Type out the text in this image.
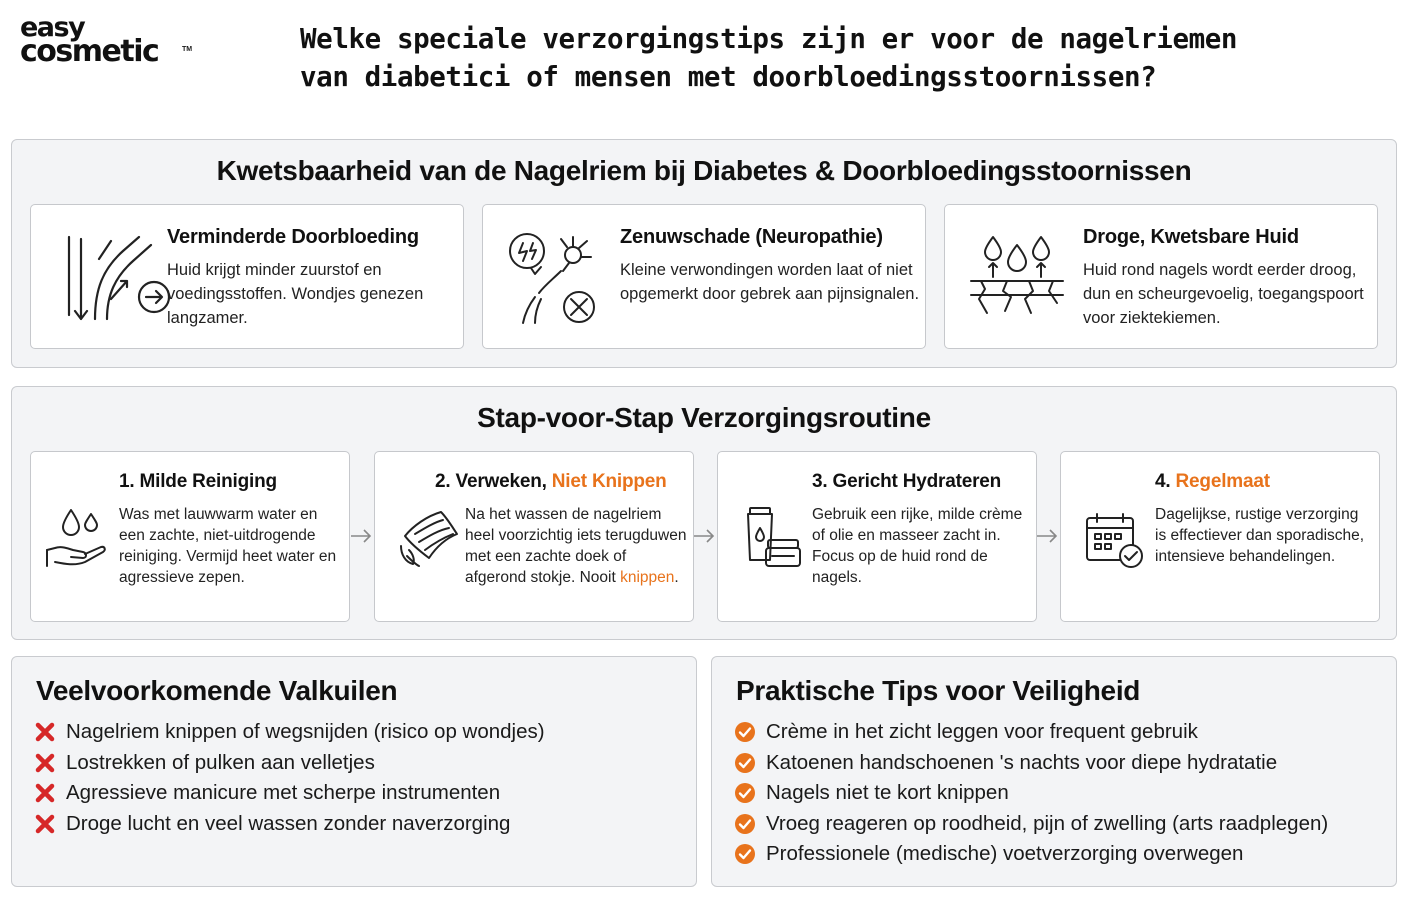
easy
cosmetic	TM	Welke speciale verzorgingstips zijn er voor de nagelriemen
van diabetici of mensen met doorbloedingsstoornissen?
Kwetsbaarheid van de Nagelriem bij Diabetes & Doorbloedingsstoornissen
Verminderde Doorbloeding
Huid krijgt minder zuurstof en voedingsstoffen. Wondjes genezen langzamer.
Zenuwschade (Neuropathie)
Kleine verwondingen worden laat of niet opgemerkt door gebrek aan pijnsignalen.
Droge, Kwetsbare Huid
Huid rond nagels wordt eerder droog, dun en scheurgevoelig, toegangspoort voor ziektekiemen.
Stap-voor-Stap Verzorgingsroutine
1. Milde Reiniging
Was met lauwwarm water en een zachte, niet-uitdrogende reiniging. Vermijd heet water en agressieve zepen.
2. Verweken, Niet Knippen
Na het wassen de nagelriem heel voorzichtig iets terugduwen met een zachte doek of afgerond stokje. Nooit knippen.
3. Gericht Hydrateren
Gebruik een rijke, milde crème of olie en masseer zacht in. Focus op de huid rond de nagels.
4. Regelmaat
Dagelijkse, rustige verzorging is effectiever dan sporadische, intensieve behandelingen.
Veelvoorkomende Valkuilen
Nagelriem knippen of wegsnijden (risico op wondjes)
Lostrekken of pulken aan velletjes
Agressieve manicure met scherpe instrumenten
Droge lucht en veel wassen zonder naverzorging
Praktische Tips voor Veiligheid
Crème in het zicht leggen voor frequent gebruik
Katoenen handschoenen 's nachts voor diepe hydratatie
Nagels niet te kort knippen
Vroeg reageren op roodheid, pijn of zwelling (arts raadplegen)
Professionele (medische) voetverzorging overwegen
